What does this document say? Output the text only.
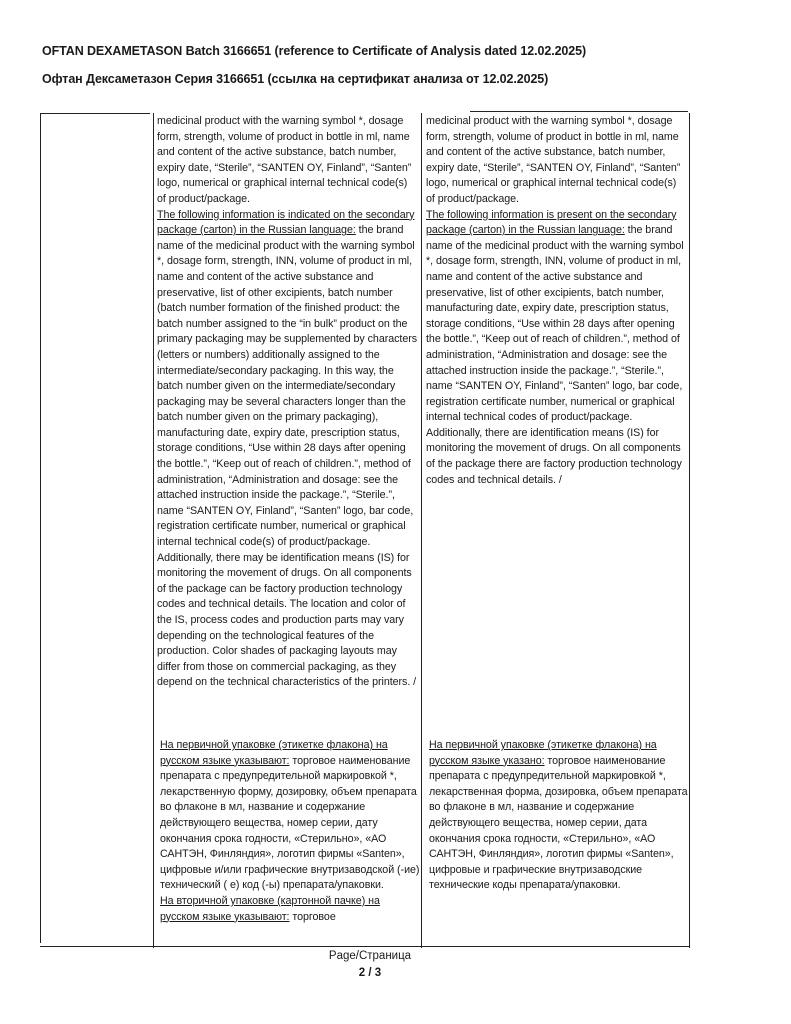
OFTAN DEXAMETASON Batch 3166651 (reference to Certificate of Analysis dated 12.02.2025)
Офтан Дексаметазон Серия 3166651 (ссылка на сертификат анализа от 12.02.2025)

medicinal product with the warning symbol *, dosage form, strength, volume of product in bottle in ml, name and content of the active substance, batch number, expiry date, “Sterile”, “SANTEN OY, Finland”, “Santen” logo, numerical or graphical internal technical code(s) of product/package.

The following information is indicated on the secondary package (carton) in the Russian language: the brand name of the medicinal product with the warning symbol *, dosage form, strength, INN, volume of product in ml, name and content of the active substance and preservative, list of other excipients, batch number (batch number formation of the finished product: the batch number assigned to the “in bulk” product on the primary packaging may be supplemented by characters (letters or numbers) additionally assigned to the intermediate/secondary packaging. In this way, the batch number given on the intermediate/secondary packaging may be several characters longer than the batch number given on the primary packaging), manufacturing date, expiry date, prescription status, storage conditions, “Use within 28 days after opening the bottle.”, “Keep out of reach of children.”, method of administration, “Administration and dosage: see the attached instruction inside the package.”, “Sterile.”, name “SANTEN OY, Finland”, “Santen” logo, bar code, registration certificate number, numerical or graphical internal technical code(s) of product/package.

Additionally, there may be identification means (IS) for monitoring the movement of drugs. On all components of the package can be factory production technology codes and technical details. The location and color of the IS, process codes and production parts may vary depending on the technological features of the production. Color shades of packaging layouts may differ from those on commercial packaging, as they depend on the technical characteristics of the printers. /

На первичной упаковке (этикетке флакона) на русском языке указывают: торговое наименование препарата с предупредительной маркировкой *, лекарственную форму, дозировку, объем препарата во флаконе в мл, название и содержание действующего вещества, номер серии, дату окончания срока годности, «Стерильно», «АО САНТЭН, Финляндия», логотип фирмы «Santen», цифровые и/или графические внутризаводской (-ие) технический ( е) код (-ы) препарата/упаковки.

На вторичной упаковке (картонной пачке) на русском языке указывают: торговое

medicinal product with the warning symbol *, dosage form, strength, volume of product in bottle in ml, name and content of the active substance, batch number, expiry date, “Sterile”, “SANTEN OY, Finland”, “Santen” logo, numerical or graphical internal technical code(s) of product/package.

The following information is present on the secondary package (carton) in the Russian language: the brand name of the medicinal product with the warning symbol *, dosage form, strength, INN, volume of product in ml, name and content of the active substance and preservative, list of other excipients, batch number, manufacturing date, expiry date, prescription status, storage conditions, “Use within 28 days after opening the bottle.”, “Keep out of reach of children.”, method of administration, “Administration and dosage: see the attached instruction inside the package.”, “Sterile.”, name “SANTEN OY, Finland”, “Santen” logo, bar code, registration certificate number, numerical or graphical internal technical codes of product/package.

Additionally, there are identification means (IS) for monitoring the movement of drugs. On all components of the package there are factory production technology codes and technical details. /

На первичной упаковке (этикетке флакона) на русском языке указано: торговое наименование препарата с предупредительной маркировкой *, лекарственная форма, дозировка, объем препарата во флаконе в мл, название и содержание действующего вещества, номер серии, дата окончания срока годности, «Стерильно», «АО САНТЭН, Финляндия», логотип фирмы «Santen», цифровые и графические внутризаводские технические коды препарата/упаковки.

Page/Страница
2 / 3
